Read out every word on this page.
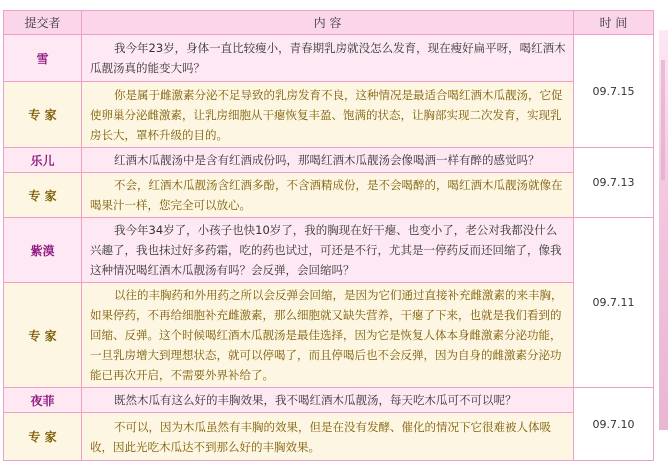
提交者	内 容	时 间
雪	我今年23岁，身体一直比较瘦小，青春期乳房就没怎么发育，现在瘦好扁平呀，喝红酒木瓜靓汤真的能变大吗？	09.7.15
专 家	你是属于雌激素分泌不足导致的乳房发育不良，这种情况是最适合喝红酒木瓜靓汤，它促使卵巢分泌雌激素，让乳房细胞从干瘪恢复丰盈、饱满的状态，让胸部实现二次发育，实现乳房长大，罩杯升级的目的。	
乐儿	红酒木瓜靓汤中是含有红酒成份吗，那喝红酒木瓜靓汤会像喝酒一样有醉的感觉吗？	09.7.13
专 家	不会，红酒木瓜靓汤含红酒多酚，不含酒精成份，是不会喝醉的，喝红酒木瓜靓汤就像在喝果汁一样，您完全可以放心。	
紫漠	我今年34岁了，小孩子也快10岁了，我的胸现在好干瘪、也变小了，老公对我都没什么兴趣了，我也抹过好多药霜，吃的药也试过，可还是不行，尤其是一停药反而还回缩了，像我这种情况喝红酒木瓜靓汤有吗？会反弹，会回缩吗？	09.7.11
专 家	以往的丰胸药和外用药之所以会反弹会回缩，是因为它们通过直接补充雌激素的来丰胸，如果停药，不再给细胞补充雌激素，那么细胞就又缺失营养，干瘪了下来，也就是我们看到的回缩、反弹。这个时候喝红酒木瓜靓汤是最佳选择，因为它是恢复人体本身雌激素分泌功能，一旦乳房增大到理想状态，就可以停喝了，而且停喝后也不会反弹，因为自身的雌激素分泌功能已再次开启，不需要外界补给了。	
夜菲	既然木瓜有这么好的丰胸效果，我不喝红酒木瓜靓汤，每天吃木瓜可不可以呢？	09.7.10
专 家	不可以，因为木瓜虽然有丰胸的效果，但是在没有发酵、催化的情况下它很难被人体吸收，因此光吃木瓜达不到那么好的丰胸效果。	
